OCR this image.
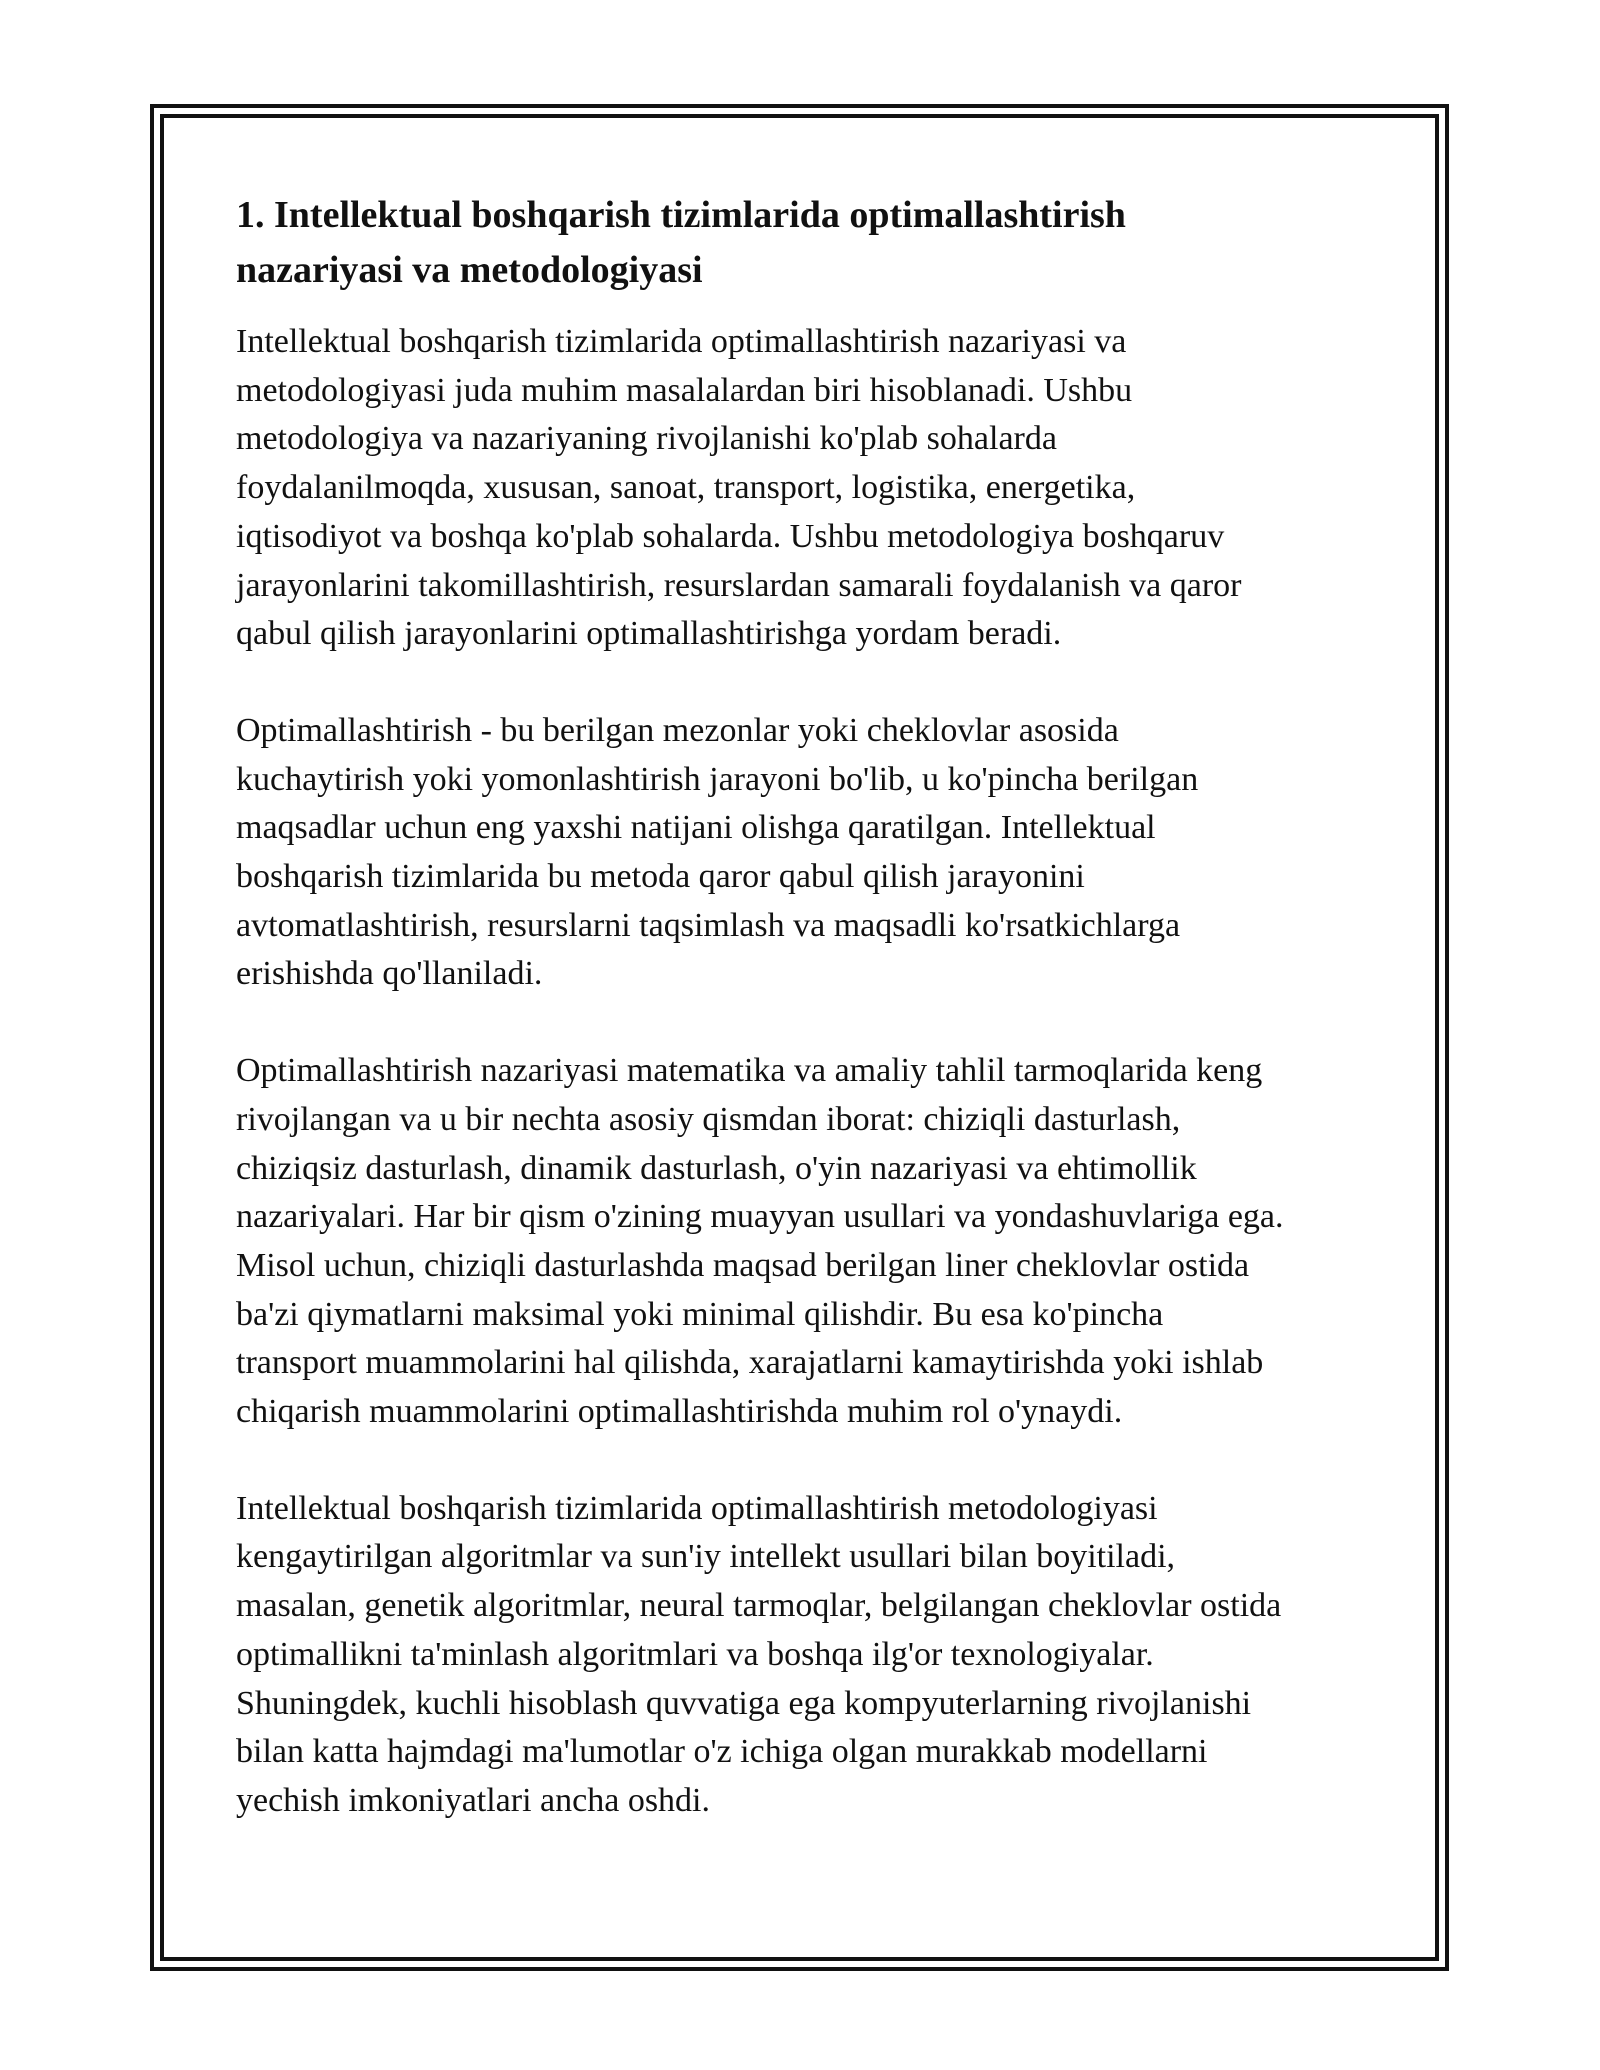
1. Intellektual boshqarish tizimlarida optimallashtirish
nazariyasi va metodologiyasi

Intellektual boshqarish tizimlarida optimallashtirish nazariyasi va
metodologiyasi juda muhim masalalardan biri hisoblanadi. Ushbu
metodologiya va nazariyaning rivojlanishi ko'plab sohalarda
foydalanilmoqda, xususan, sanoat, transport, logistika, energetika,
iqtisodiyot va boshqa ko'plab sohalarda. Ushbu metodologiya boshqaruv
jarayonlarini takomillashtirish, resurslardan samarali foydalanish va qaror
qabul qilish jarayonlarini optimallashtirishga yordam beradi.

Optimallashtirish - bu berilgan mezonlar yoki cheklovlar asosida
kuchaytirish yoki yomonlashtirish jarayoni bo'lib, u ko'pincha berilgan
maqsadlar uchun eng yaxshi natijani olishga qaratilgan. Intellektual
boshqarish tizimlarida bu metoda qaror qabul qilish jarayonini
avtomatlashtirish, resurslarni taqsimlash va maqsadli ko'rsatkichlarga
erishishda qo'llaniladi.

Optimallashtirish nazariyasi matematika va amaliy tahlil tarmoqlarida keng
rivojlangan va u bir nechta asosiy qismdan iborat: chiziqli dasturlash,
chiziqsiz dasturlash, dinamik dasturlash, o'yin nazariyasi va ehtimollik
nazariyalari. Har bir qism o'zining muayyan usullari va yondashuvlariga ega.
Misol uchun, chiziqli dasturlashda maqsad berilgan liner cheklovlar ostida
ba'zi qiymatlarni maksimal yoki minimal qilishdir. Bu esa ko'pincha
transport muammolarini hal qilishda, xarajatlarni kamaytirishda yoki ishlab
chiqarish muammolarini optimallashtirishda muhim rol o'ynaydi.

Intellektual boshqarish tizimlarida optimallashtirish metodologiyasi
kengaytirilgan algoritmlar va sun'iy intellekt usullari bilan boyitiladi,
masalan, genetik algoritmlar, neural tarmoqlar, belgilangan cheklovlar ostida
optimallikni ta'minlash algoritmlari va boshqa ilg'or texnologiyalar.
Shuningdek, kuchli hisoblash quvvatiga ega kompyuterlarning rivojlanishi
bilan katta hajmdagi ma'lumotlar o'z ichiga olgan murakkab modellarni
yechish imkoniyatlari ancha oshdi.
